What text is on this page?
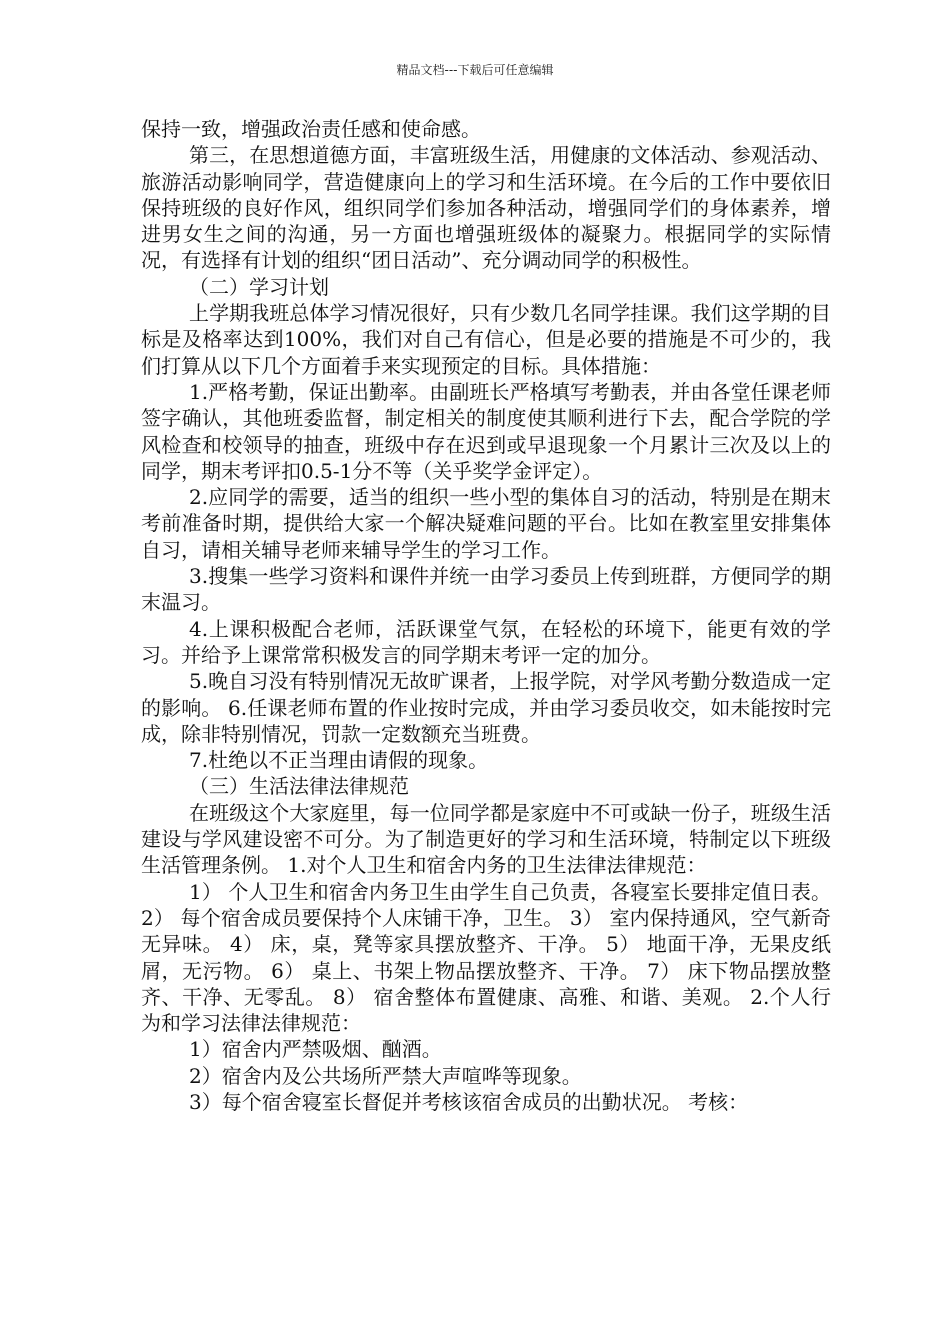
精品文档---下载后可任意编辑

保持一致，增强政治责任感和使命感。

第三，在思想道德方面，丰富班级生活，用健康的文体活动、参观活动、旅游活动影响同学，营造健康向上的学习和生活环境。在今后的工作中要依旧保持班级的良好作风，组织同学们参加各种活动，增强同学们的身体素养，增进男女生之间的沟通，另一方面也增强班级体的凝聚力。根据同学的实际情况，有选择有计划的组织“团日活动”、充分调动同学的积极性。

（二）学习计划

上学期我班总体学习情况很好，只有少数几名同学挂课。我们这学期的目标是及格率达到100%，我们对自己有信心，但是必要的措施是不可少的，我们打算从以下几个方面着手来实现预定的目标。具体措施：

1.严格考勤，保证出勤率。由副班长严格填写考勤表，并由各堂任课老师签字确认，其他班委监督，制定相关的制度使其顺利进行下去，配合学院的学风检查和校领导的抽查，班级中存在迟到或早退现象一个月累计三次及以上的同学，期末考评扣0.5-1分不等（关乎奖学金评定）。

2.应同学的需要，适当的组织一些小型的集体自习的活动，特别是在期末考前准备时期，提供给大家一个解决疑难问题的平台。比如在教室里安排集体自习，请相关辅导老师来辅导学生的学习工作。

3.搜集一些学习资料和课件并统一由学习委员上传到班群，方便同学的期末温习。

4.上课积极配合老师，活跃课堂气氛，在轻松的环境下，能更有效的学习。并给予上课常常积极发言的同学期末考评一定的加分。

5.晚自习没有特别情况无故旷课者，上报学院，对学风考勤分数造成一定的影响。 6.任课老师布置的作业按时完成，并由学习委员收交，如未能按时完成，除非特别情况，罚款一定数额充当班费。

7.杜绝以不正当理由请假的现象。

（三）生活法律法律规范

在班级这个大家庭里，每一位同学都是家庭中不可或缺一份子，班级生活建设与学风建设密不可分。为了制造更好的学习和生活环境，特制定以下班级生活管理条例。 1.对个人卫生和宿舍内务的卫生法律法律规范：

1） 个人卫生和宿舍内务卫生由学生自己负责，各寝室长要排定值日表。 2） 每个宿舍成员要保持个人床铺干净，卫生。 3） 室内保持通风，空气新奇无异味。 4） 床，桌，凳等家具摆放整齐、干净。 5） 地面干净，无果皮纸屑，无污物。 6） 桌上、书架上物品摆放整齐、干净。 7） 床下物品摆放整齐、干净、无零乱。 8） 宿舍整体布置健康、高雅、和谐、美观。 2.个人行为和学习法律法律规范：

1）宿舍内严禁吸烟、酗酒。

2）宿舍内及公共场所严禁大声喧哗等现象。

3）每个宿舍寝室长督促并考核该宿舍成员的出勤状况。 考核：
